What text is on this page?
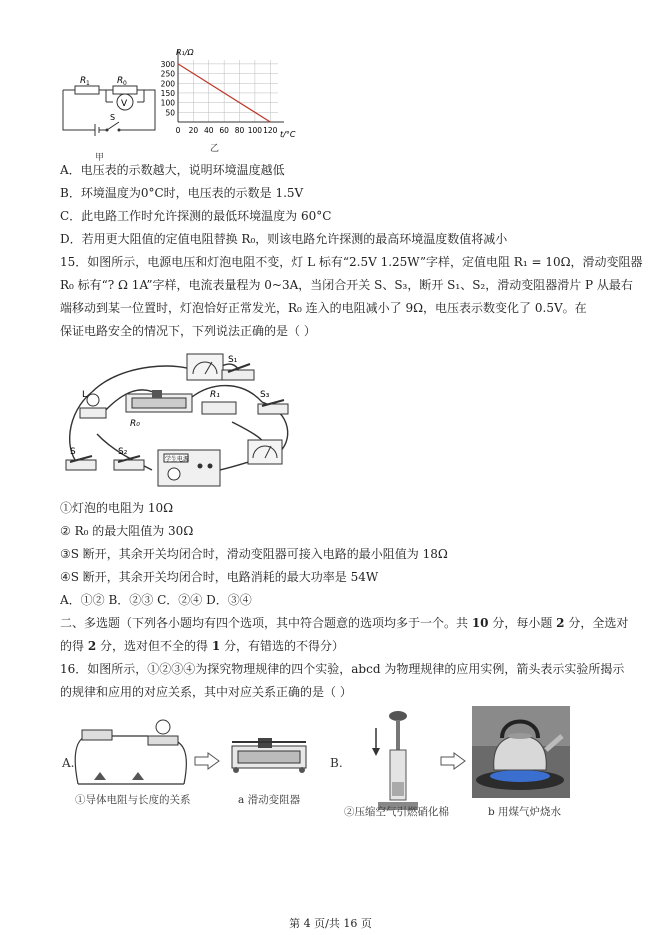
R 1	R 0
V
S
甲
R₁/Ω
t/°C
50
100
150
200
250
300
0 20 40 60 80 100 120
乙
A．电压表的示数越大，说明环境温度越低
B．环境温度为0°C时，电压表的示数是 1.5V
C．此电路工作时允许探测的最低环境温度为 60°C
D．若用更大阻值的定值电阻替换 R₀，则该电路允许探测的最高环境温度数值将减小
15．如图所示，电源电压和灯泡电阻不变，灯 L 标有“2.5V 1.25W”字样，定值电阻 R₁ = 10Ω，滑动变阻器
R₀ 标有“? Ω 1A”字样，电流表量程为 0~3A，当闭合开关 S、S₃，断开 S₁、S₂，滑动变阻器滑片 P 从最右
端移动到某一位置时，灯泡恰好正常发光，R₀ 连入的电阻减小了 9Ω，电压表示数变化了 0.5V。在
保证电路安全的情况下，下列说法正确的是（ ）
S₁
L
R₀
R₁	S₃
S	S₂
学生电源
①灯泡的电阻为 10Ω
② R₀ 的最大阻值为 30Ω
③S 断开，其余开关均闭合时，滑动变阻器可接入电路的最小阻值为 18Ω
④S 断开，其余开关均闭合时，电路消耗的最大功率是 54W
A．①② B．②③ C．②④ D．③④
二、多选题（下列各小题均有四个选项，其中符合题意的选项均多于一个。共 10 分，每小题 2 分，全选对
的得 2 分，选对但不全的得 1 分，有错选的不得分）
16．如图所示，①②③④为探究物理规律的四个实验，abcd 为物理规律的应用实例，箭头表示实验所揭示
的规律和应用的对应关系，其中对应关系正确的是（ ）
A.
①导体电阻与长度的关系	a 滑动变阻器
B.
②压缩空气引燃硝化棉	b 用煤气炉烧水
第 4 页/共 16 页
